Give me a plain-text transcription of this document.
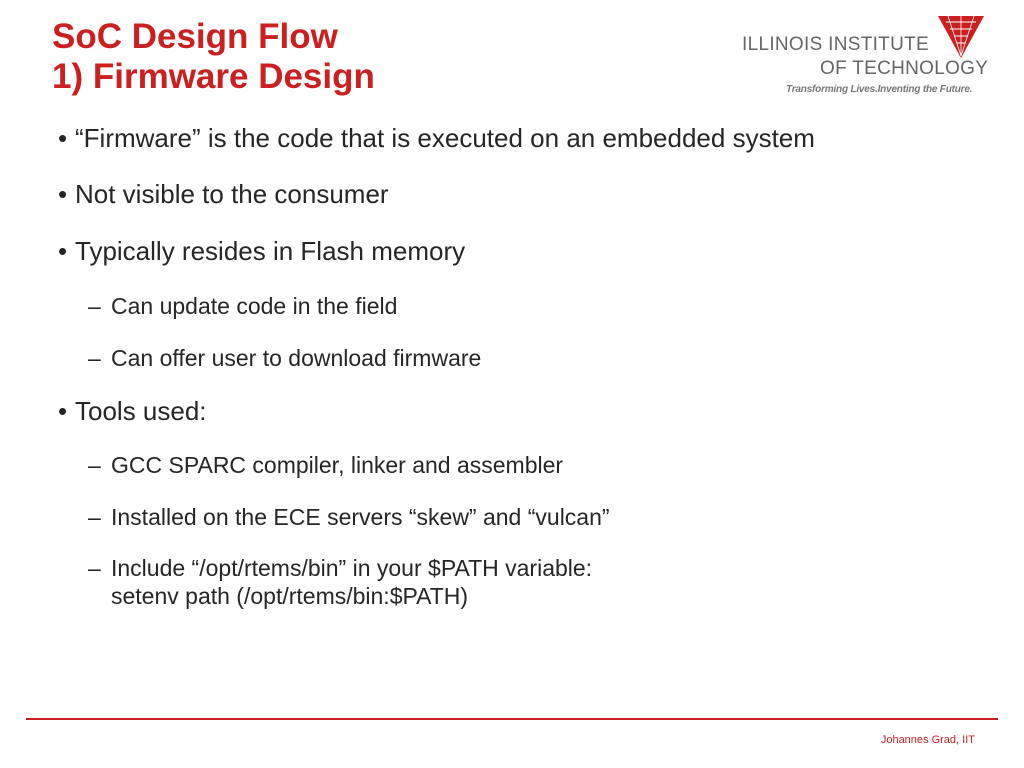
SoC Design Flow
1) Firmware Design
ILLINOIS INSTITUTE
OF TECHNOLOGY
Transforming Lives.Inventing the Future.
• “Firmware” is the code that is executed on an embedded system
• Not visible to the consumer
• Typically resides in Flash memory
– Can update code in the field
– Can offer user to download firmware
• Tools used:
– GCC SPARC compiler, linker and assembler
– Installed on the ECE servers “skew” and “vulcan”
– Include “/opt/rtems/bin” in your $PATH variable:
setenv path (/opt/rtems/bin:$PATH)
Johannes Grad, IIT
